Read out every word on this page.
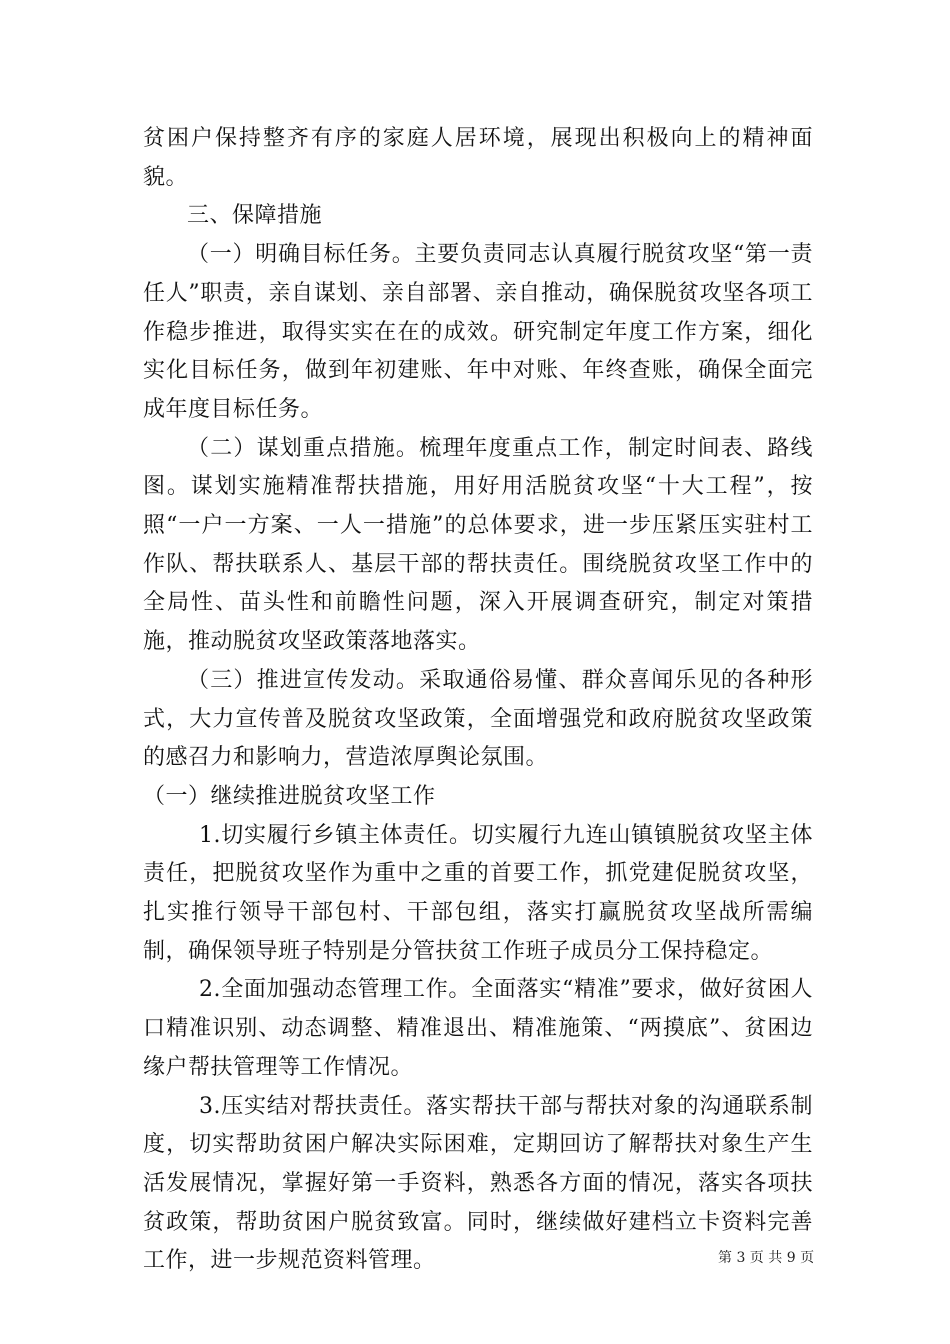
贫困户保持整齐有序的家庭人居环境，展现出积极向上的精神面貌。

三、保障措施

（一）明确目标任务。主要负责同志认真履行脱贫攻坚“第一责任人”职责，亲自谋划、亲自部署、亲自推动，确保脱贫攻坚各项工作稳步推进，取得实实在在的成效。研究制定年度工作方案，细化实化目标任务，做到年初建账、年中对账、年终查账，确保全面完成年度目标任务。

（二）谋划重点措施。梳理年度重点工作，制定时间表、路线图。谋划实施精准帮扶措施，用好用活脱贫攻坚“十大工程”，按照“一户一方案、一人一措施”的总体要求，进一步压紧压实驻村工作队、帮扶联系人、基层干部的帮扶责任。围绕脱贫攻坚工作中的全局性、苗头性和前瞻性问题，深入开展调查研究，制定对策措施，推动脱贫攻坚政策落地落实。

（三）推进宣传发动。采取通俗易懂、群众喜闻乐见的各种形式，大力宣传普及脱贫攻坚政策，全面增强党和政府脱贫攻坚政策的感召力和影响力，营造浓厚舆论氛围。

（一）继续推进脱贫攻坚工作

1.切实履行乡镇主体责任。切实履行九连山镇镇脱贫攻坚主体责任，把脱贫攻坚作为重中之重的首要工作，抓党建促脱贫攻坚，扎实推行领导干部包村、干部包组，落实打赢脱贫攻坚战所需编制，确保领导班子特别是分管扶贫工作班子成员分工保持稳定。

2.全面加强动态管理工作。全面落实“精准”要求，做好贫困人口精准识别、动态调整、精准退出、精准施策、“两摸底”、贫困边缘户帮扶管理等工作情况。

3.压实结对帮扶责任。落实帮扶干部与帮扶对象的沟通联系制度，切实帮助贫困户解决实际困难，定期回访了解帮扶对象生产生活发展情况，掌握好第一手资料，熟悉各方面的情况，落实各项扶贫政策，帮助贫困户脱贫致富。同时，继续做好建档立卡资料完善工作，进一步规范资料管理。	第 3 页 共 9 页
